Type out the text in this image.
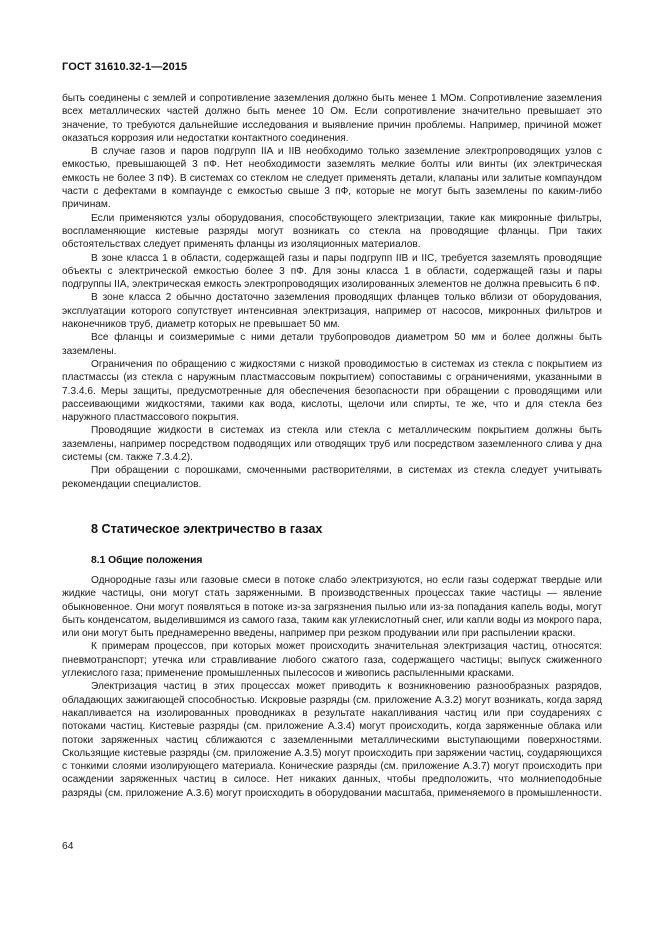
ГОСТ 31610.32-1—2015

быть соединены с землей и сопротивление заземления должно быть менее 1 МОм. Сопротивление заземления всех металлических частей должно быть менее 10 Ом. Если сопротивление значительно превышает это значение, то требуются дальнейшие исследования и выявление причин проблемы. Например, причиной может оказаться коррозия или недостатки контактного соединения.

В случае газов и паров подгрупп IIA и IIB необходимо только заземление электропроводящих узлов с емкостью, превышающей 3 пФ. Нет необходимости заземлять мелкие болты или винты (их электрическая емкость не более 3 пФ). В системах со стеклом не следует применять детали, клапаны или залитые компаундом части с дефектами в компаунде с емкостью свыше 3 пФ, которые не могут быть заземлены по каким-либо причинам.

Если применяются узлы оборудования, способствующего электризации, такие как микронные фильтры, воспламеняющие кистевые разряды могут возникать со стекла на проводящие фланцы. При таких обстоятельствах следует применять фланцы из изоляционных материалов.

В зоне класса 1 в области, содержащей газы и пары подгрупп IIB и IIC, требуется заземлять проводящие объекты с электрической емкостью более 3 пФ. Для зоны класса 1 в области, содержащей газы и пары подгруппы IIA, электрическая емкость электропроводящих изолированных элементов не должна превысить 6 пФ.

В зоне класса 2 обычно достаточно заземления проводящих фланцев только вблизи от оборудования, эксплуатации которого сопутствует интенсивная электризация, например от насосов, микронных фильтров и наконечников труб, диаметр которых не превышает 50 мм.

Все фланцы и соизмеримые с ними детали трубопроводов диаметром 50 мм и более должны быть заземлены.

Ограничения по обращению с жидкостями с низкой проводимостью в системах из стекла с покрытием из пластмассы (из стекла с наружным пластмассовым покрытием) сопоставимы с ограничениями, указанными в 7.3.4.6. Меры защиты, предусмотренные для обеспечения безопасности при обращении с проводящими или рассеивающими жидкостями, такими как вода, кислоты, щелочи или спирты, те же, что и для стекла без наружного пластмассового покрытия.

Проводящие жидкости в системах из стекла или стекла с металлическим покрытием должны быть заземлены, например посредством подводящих или отводящих труб или посредством заземленного слива у дна системы (см. также 7.3.4.2).

При обращении с порошками, смоченными растворителями, в системах из стекла следует учитывать рекомендации специалистов.

8 Статическое электричество в газах
8.1 Общие положения

Однородные газы или газовые смеси в потоке слабо электризуются, но если газы содержат твердые или жидкие частицы, они могут стать заряженными. В производственных процессах такие частицы — явление обыкновенное. Они могут появляться в потоке из-за загрязнения пылью или из-за попадания капель воды, могут быть конденсатом, выделившимся из самого газа, таким как углекислотный снег, или капли воды из мокрого пара, или они могут быть преднамеренно введены, например при резком продувании или при распылении краски.

К примерам процессов, при которых может происходить значительная электризация частиц, относятся: пневмотранспорт; утечка или стравливание любого сжатого газа, содержащего частицы; выпуск сжиженного углекислого газа; применение промышленных пылесосов и живопись распыленными красками.

Электризация частиц в этих процессах может приводить к возникновению разнообразных разрядов, обладающих зажигающей способностью. Искровые разряды (см. приложение А.3.2) могут возникать, когда заряд накапливается на изолированных проводниках в результате накапливания частиц или при соударениях с потоками частиц. Кистевые разряды (см. приложение А.3.4) могут происходить, когда заряженные облака или потоки заряженных частиц сближаются с заземленными металлическими выступающими поверхностями. Скользящие кистевые разряды (см. приложение А.3.5) могут происходить при заряжении частиц, соударяющихся с тонкими слоями изолирующего материала. Конические разряды (см. приложение А.3.7) могут происходить при осаждении заряженных частиц в силосе. Нет никаких данных, чтобы предположить, что молниеподобные разряды (см. приложение А.3.6) могут происходить в оборудовании масштаба, применяемого в промышленности.

64
